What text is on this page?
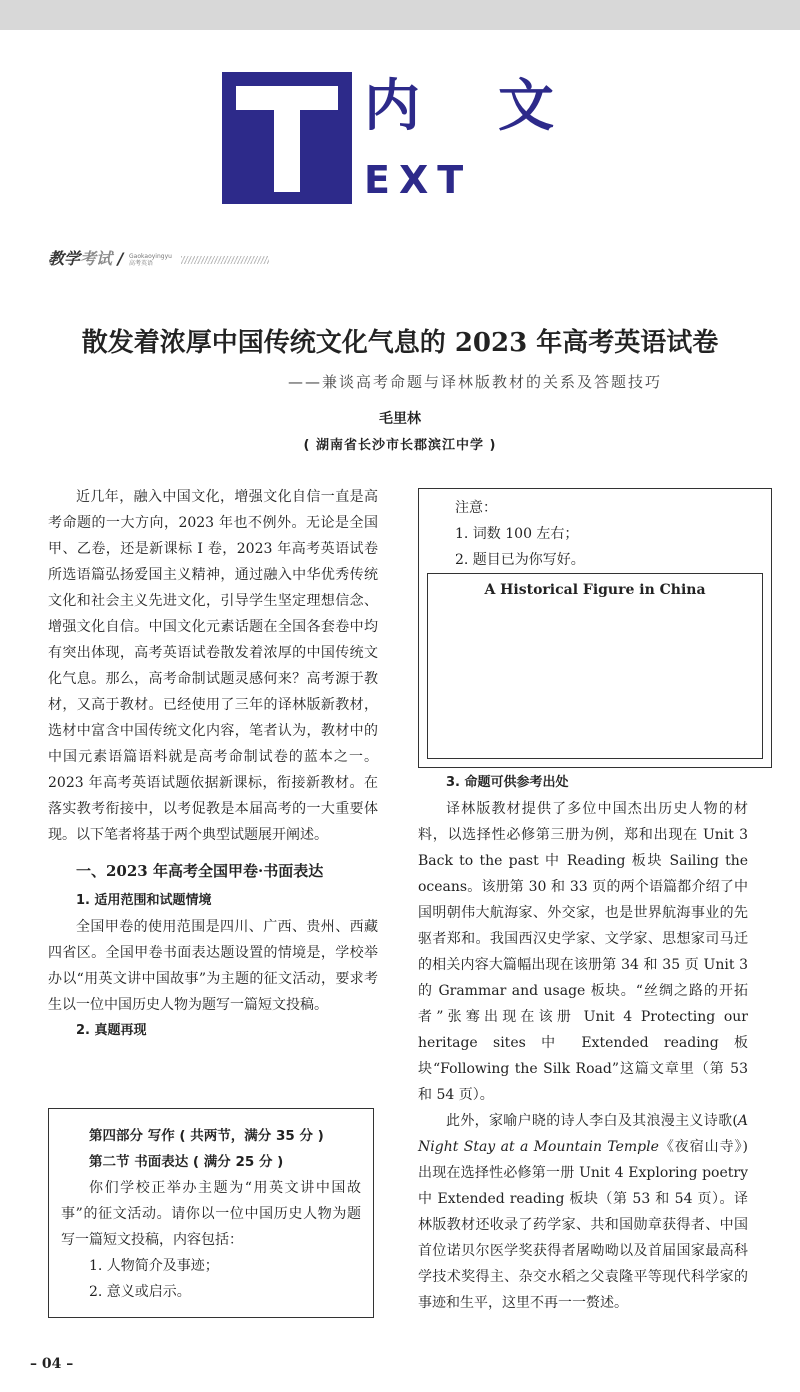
内 文
EXT
教学考试 / Gaokaoyingyu
高考英语
散发着浓厚中国传统文化气息的 2023 年高考英语试卷
——兼谈高考命题与译林版教材的关系及答题技巧
毛里林
( 湖南省长沙市长郡滨江中学 )

近几年，融入中国文化，增强文化自信一直是高考命题的一大方向，2023 年也不例外。无论是全国甲、乙卷，还是新课标 I 卷，2023 年高考英语试卷所选语篇弘扬爱国主义精神，通过融入中华优秀传统文化和社会主义先进文化，引导学生坚定理想信念、增强文化自信。中国文化元素话题在全国各套卷中均有突出体现，高考英语试卷散发着浓厚的中国传统文化气息。那么，高考命制试题灵感何来？高考源于教材，又高于教材。已经使用了三年的译林版新教材，选材中富含中国传统文化内容，笔者认为，教材中的中国元素语篇语料就是高考命制试卷的蓝本之一。2023 年高考英语试题依据新课标，衔接新教材。在落实教考衔接中，以考促教是本届高考的一大重要体现。以下笔者将基于两个典型试题展开阐述。

一、2023 年高考全国甲卷·书面表达
1. 适用范围和试题情境

全国甲卷的使用范围是四川、广西、贵州、西藏四省区。全国甲卷书面表达题设置的情境是，学校举办以“用英文讲中国故事”为主题的征文活动，要求考生以一位中国历史人物为题写一篇短文投稿。

2. 真题再现
第四部分 写作 ( 共两节，满分 35 分 )
第二节 书面表达 ( 满分 25 分 )

你们学校正举办主题为“用英文讲中国故事”的征文活动。请你以一位中国历史人物为题写一篇短文投稿，内容包括：

1. 人物简介及事迹；
2. 意义或启示。
注意：
1. 词数 100 左右；
2. 题目已为你写好。
A Historical Figure in China
3. 命题可供参考出处

译林版教材提供了多位中国杰出历史人物的材料，以选择性必修第三册为例，郑和出现在 Unit 3 Back to the past 中 Reading 板块 Sailing the oceans。该册第 30 和 33 页的两个语篇都介绍了中国明朝伟大航海家、外交家，也是世界航海事业的先驱者郑和。我国西汉史学家、文学家、思想家司马迁的相关内容大篇幅出现在该册第 34 和 35 页 Unit 3 的 Grammar and usage 板块。“丝绸之路的开拓者”张骞出现在该册 Unit 4 Protecting our heritage sites 中 Extended reading 板块“Following the Silk Road”这篇文章里（第 53 和 54 页）。

此外，家喻户晓的诗人李白及其浪漫主义诗歌(A Night Stay at a Mountain Temple《夜宿山寺》)出现在选择性必修第一册 Unit 4 Exploring poetry 中 Extended reading 板块（第 53 和 54 页）。译林版教材还收录了药学家、共和国勋章获得者、中国首位诺贝尔医学奖获得者屠呦呦以及首届国家最高科学技术奖得主、杂交水稻之父袁隆平等现代科学家的事迹和生平，这里不再一一赘述。

– 04 –
